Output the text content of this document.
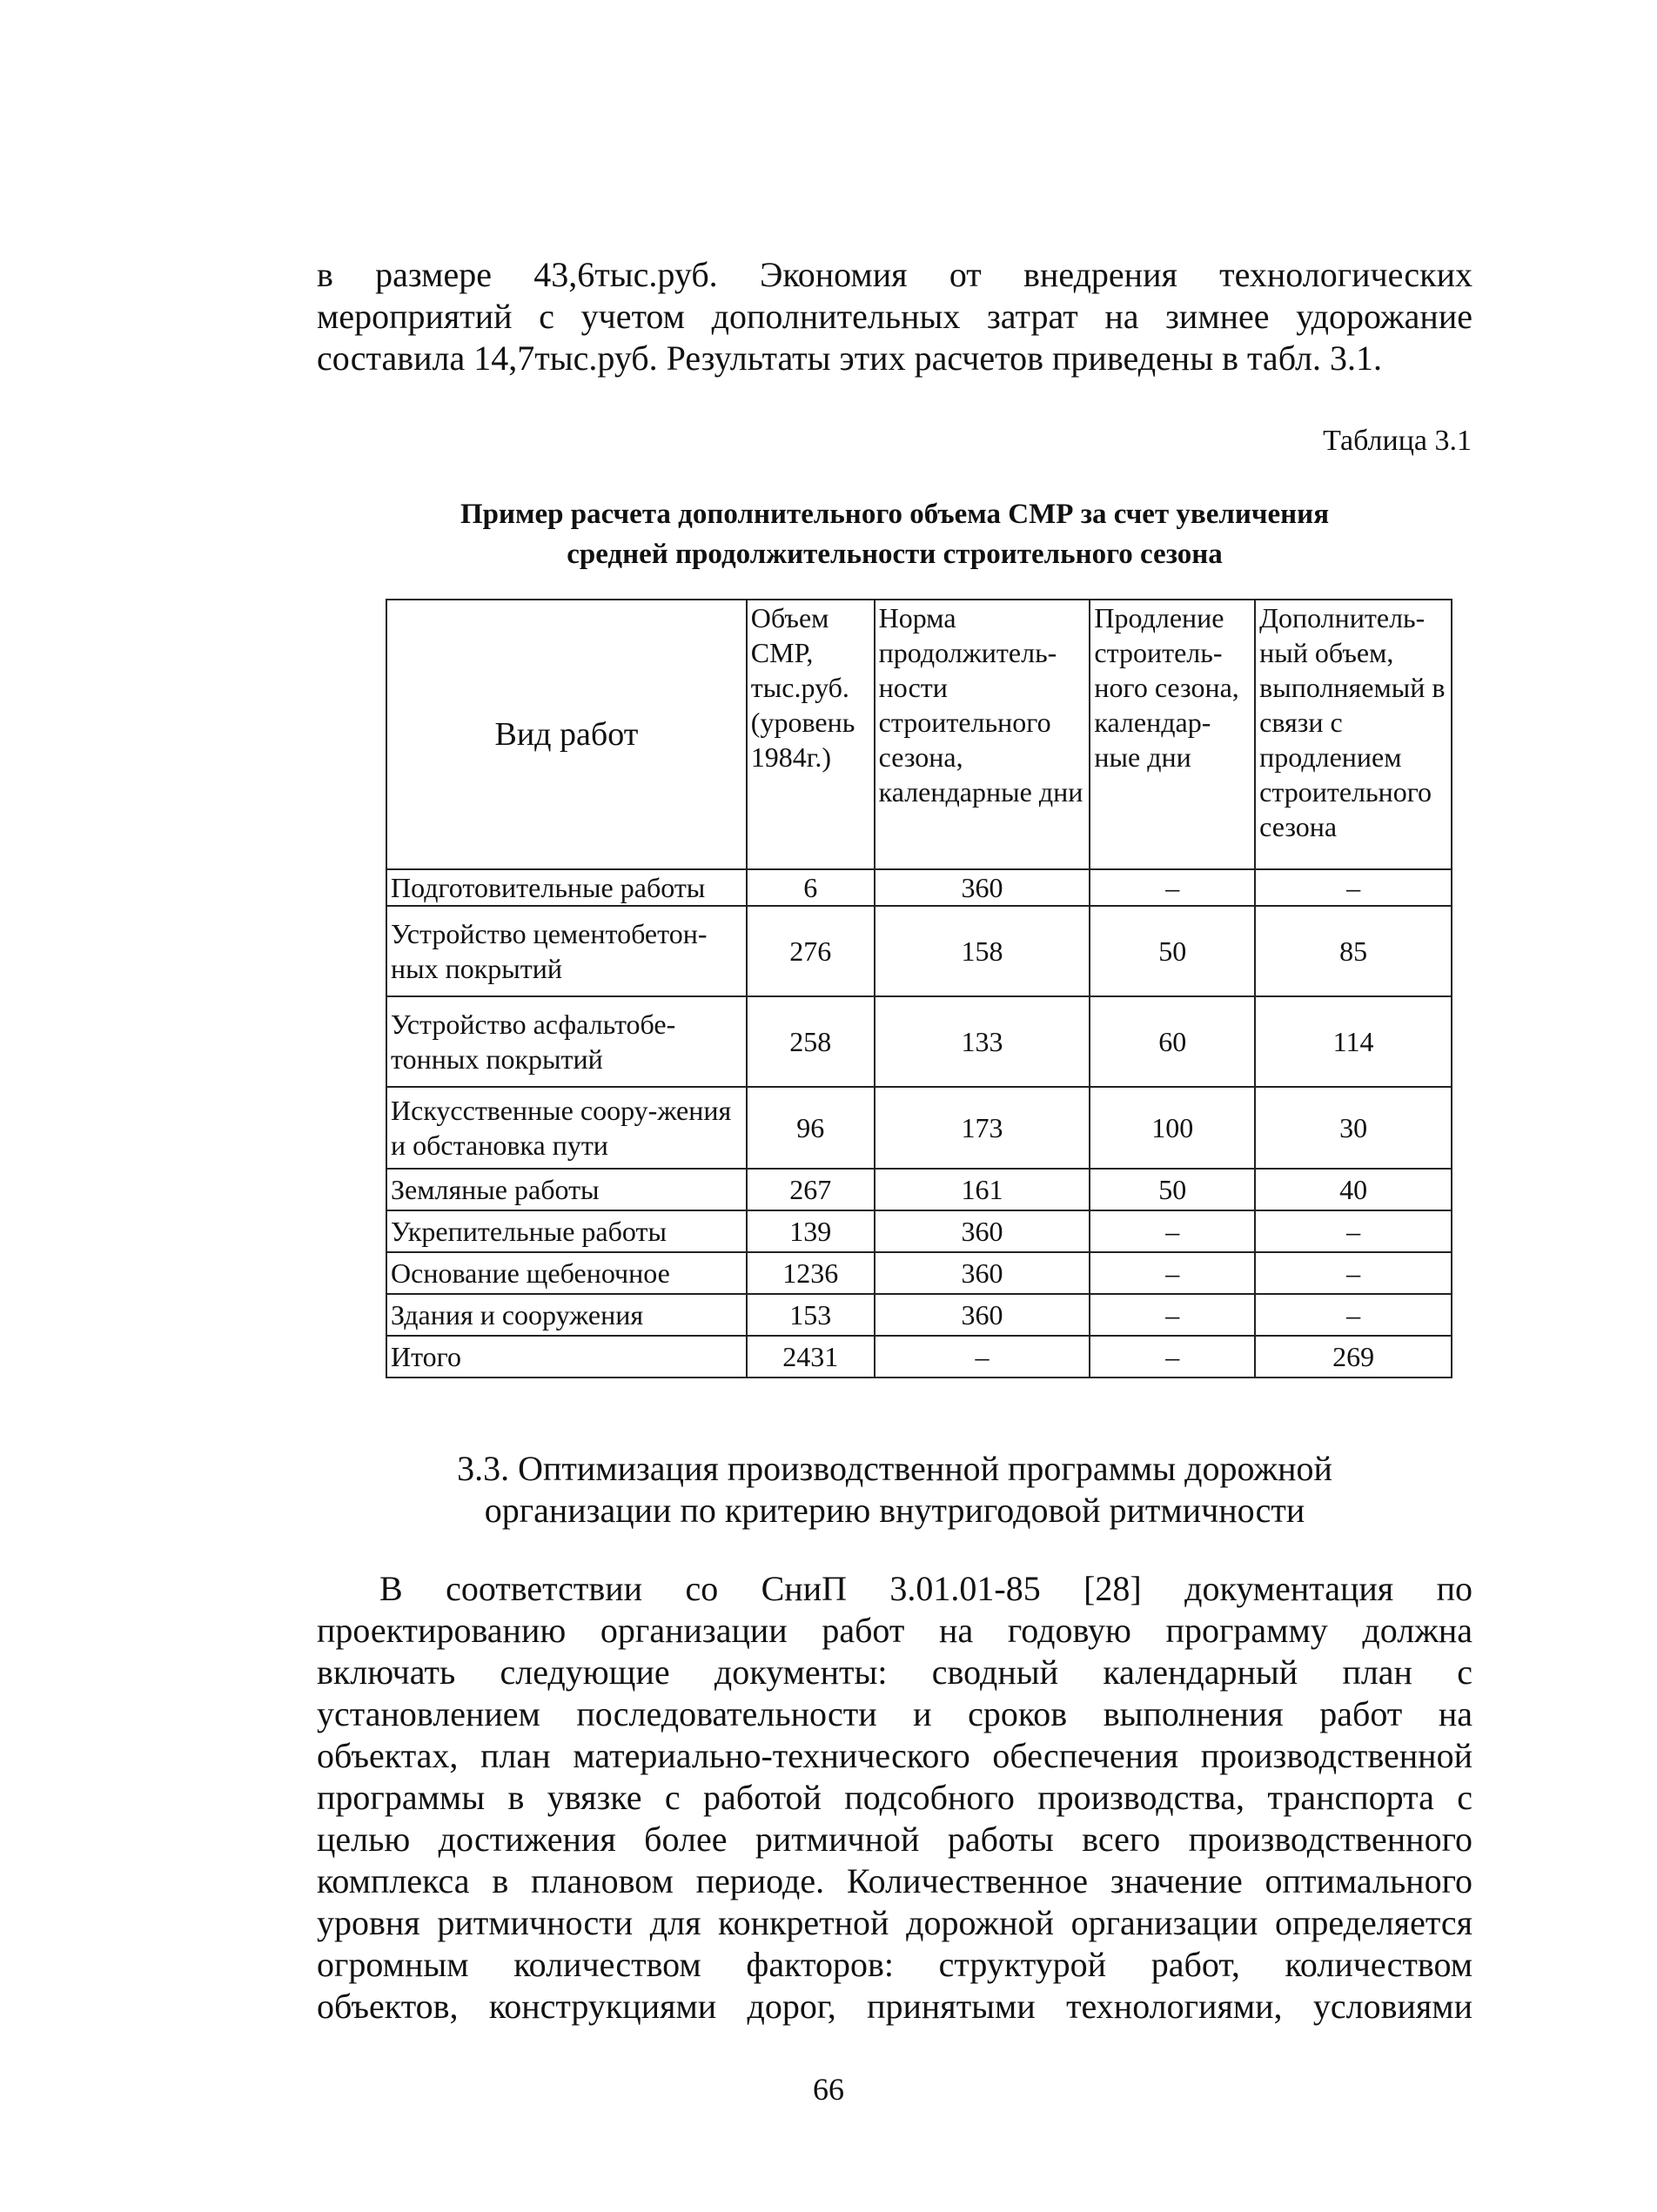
в размере 43,6тыс.руб. Экономия от внедрения технологических
мероприятий с учетом дополнительных затрат на зимнее удорожание
составила 14,7тыс.руб. Результаты этих расчетов приведены в табл. 3.1.
Таблица 3.1
Пример расчета дополнительного объема СМР за счет увеличения
средней продолжительности строительного сезона
Вид работ	Объем СМР, тыс.руб. (уровень 1984г.)	Норма продолжитель-ности строительного сезона, календарные дни	Продление строитель-ного сезона, календар-ные дни	Дополнитель-ный объем, выполняемый в связи с продлением строительного сезона
Подготовительные работы	6	360	–	–
Устройство цементобетон-ных покрытий	276	158	50	85
Устройство асфальтобе-тонных покрытий	258	133	60	114
Искусственные соору-жения и обстановка пути	96	173	100	30
Земляные работы	267	161	50	40
Укрепительные работы	139	360	–	–
Основание щебеночное	1236	360	–	–
Здания и сооружения	153	360	–	–
Итого	2431	–	–	269
3.3. Оптимизация производственной программы дорожной
организации по критерию внутригодовой ритмичности
В соответствии со СниП 3.01.01-85 [28] документация по
проектированию организации работ на годовую программу должна
включать следующие документы: сводный календарный план с
установлением последовательности и сроков выполнения работ на
объектах, план материально-технического обеспечения производственной
программы в увязке с работой подсобного производства, транспорта с
целью достижения более ритмичной работы всего производственного
комплекса в плановом периоде. Количественное значение оптимального
уровня ритмичности для конкретной дорожной организации определяется
огромным количеством факторов: структурой работ, количеством
объектов, конструкциями дорог, принятыми технологиями, условиями
66
